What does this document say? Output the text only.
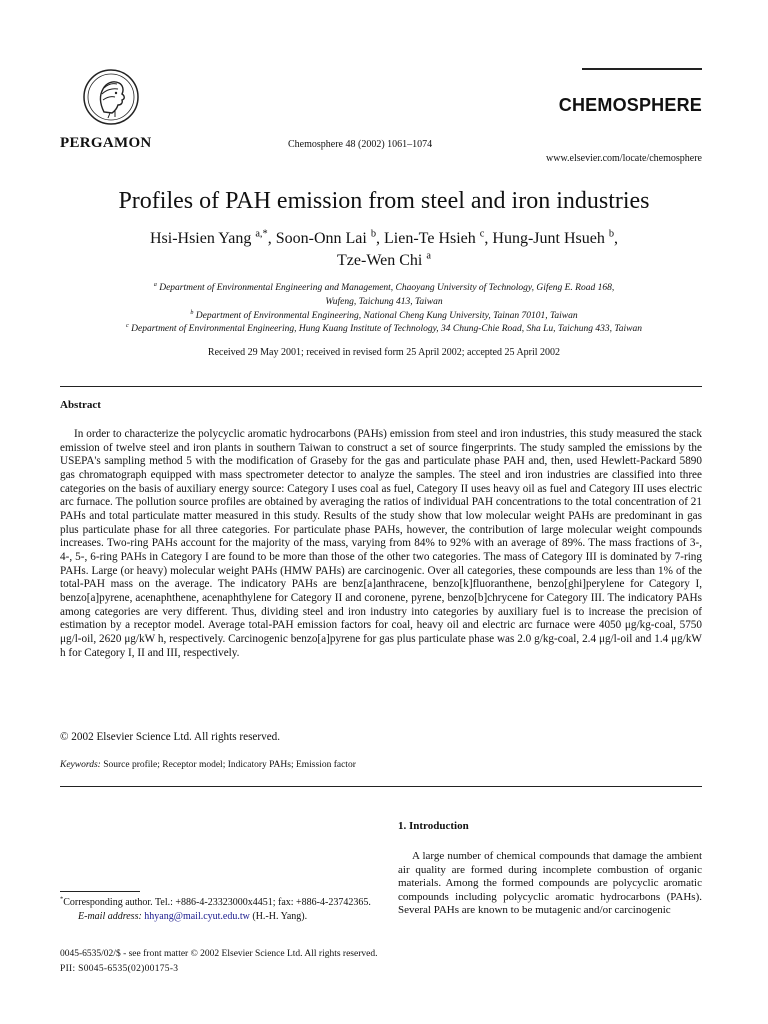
PERGAMON	Chemosphere 48 (2002) 1061–1074
CHEMOSPHERE
www.elsevier.com/locate/chemosphere
Profiles of PAH emission from steel and iron industries
Hsi-Hsien Yang $^{a,*}$, Soon-Onn Lai $^b$, Lien-Te Hsieh $^c$, Hung-Junt Hsueh $^b$,
Tze-Wen Chi $^a$
$^a$ Department of Environmental Engineering and Management, Chaoyang University of Technology, Gifeng E. Road 168,
Wufeng, Taichung 413, Taiwan
$^b$ Department of Environmental Engineering, National Cheng Kung University, Tainan 70101, Taiwan
$^c$ Department of Environmental Engineering, Hung Kuang Institute of Technology, 34 Chung-Chie Road, Sha Lu, Taichung 433, Taiwan
Received 29 May 2001; received in revised form 25 April 2002; accepted 25 April 2002
Abstract

In order to characterize the polycyclic aromatic hydrocarbons (PAHs) emission from steel and iron industries, this study measured the stack emission of twelve steel and iron plants in southern Taiwan to construct a set of source fingerprints. The study sampled the emissions by the USEPA's sampling method 5 with the modification of Graseby for the gas and particulate phase PAH and, then, used Hewlett-Packard 5890 gas chromatograph equipped with mass spectrometer detector to analyze the samples. The steel and iron industries are classified into three categories on the basis of auxiliary energy source: Category I uses coal as fuel, Category II uses heavy oil as fuel and Category III uses electric arc furnace. The pollution source profiles are obtained by averaging the ratios of individual PAH concentrations to the total concentration of 21 PAHs and total particulate matter measured in this study. Results of the study show that low molecular weight PAHs are predominant in gas plus particulate phase for all three categories. For particulate phase PAHs, however, the contribution of large molecular weight compounds increases. Two-ring PAHs account for the majority of the mass, varying from 84% to 92% with an average of 89%. The mass fractions of 3-, 4-, 5-, 6-ring PAHs in Category I are found to be more than those of the other two categories. The mass of Category III is dominated by 7-ring PAHs. Large (or heavy) molecular weight PAHs (HMW PAHs) are carcinogenic. Over all categories, these compounds are less than 1% of the total-PAH mass on the average. The indicatory PAHs are benz[a]anthracene, benzo[k]fluoranthene, benzo[ghi]perylene for Category I, benzo[a]pyrene, acenaphthene, acenaphthylene for Category II and coronene, pyrene, benzo[b]chrycene for Category III. The indicatory PAHs among categories are very different. Thus, dividing steel and iron industry into categories by auxiliary fuel is to increase the precision of estimation by a receptor model. Average total-PAH emission factors for coal, heavy oil and electric arc furnace were 4050 μg/kg-coal, 5750 μg/l-oil, 2620 μg/kW h, respectively. Carcinogenic benzo[a]pyrene for gas plus particulate phase was 2.0 g/kg-coal, 2.4 μg/l-oil and 1.4 μg/kW h for Category I, II and III, respectively.

© 2002 Elsevier Science Ltd. All rights reserved.
Keywords: Source profile; Receptor model; Indicatory PAHs; Emission factor
1. Introduction

A large number of chemical compounds that damage the ambient air quality are formed during incomplete combustion of organic materials. Among the formed compounds are polycyclic aromatic compounds including polycyclic aromatic hydrocarbons (PAHs). Several PAHs are known to be mutagenic and/or carcinogenic

*Corresponding author. Tel.: +886-4-23323000x4451; fax: +886-4-23742365.

E-mail address: hhyang@mail.cyut.edu.tw (H.-H. Yang).

0045-6535/02/$ - see front matter © 2002 Elsevier Science Ltd. All rights reserved.
PII: S0045-6535(02)00175-3
